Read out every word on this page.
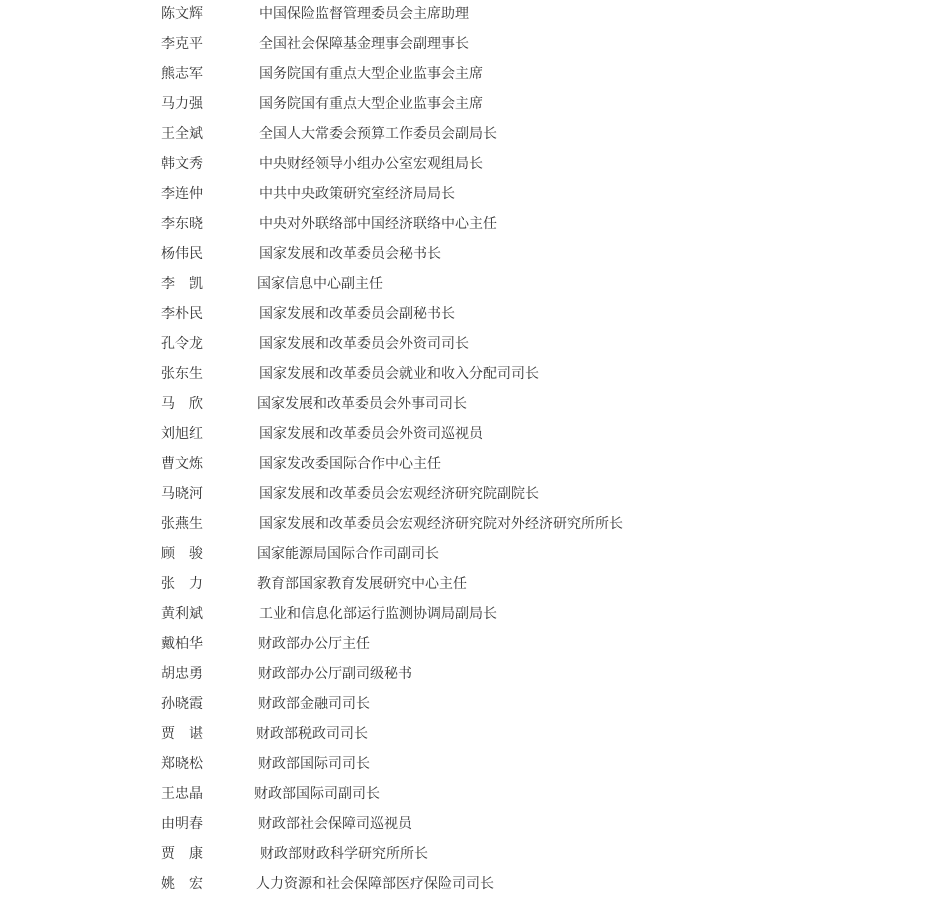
陈文辉	中国保险监督管理委员会主席助理
李克平	全国社会保障基金理事会副理事长
熊志军	国务院国有重点大型企业监事会主席
马力强	国务院国有重点大型企业监事会主席
王全斌	全国人大常委会预算工作委员会副局长
韩文秀	中央财经领导小组办公室宏观组局长
李连仲	中共中央政策研究室经济局局长
李东晓	中央对外联络部中国经济联络中心主任
杨伟民	国家发展和改革委员会秘书长
李　凯	国家信息中心副主任
李朴民	国家发展和改革委员会副秘书长
孔令龙	国家发展和改革委员会外资司司长
张东生	国家发展和改革委员会就业和收入分配司司长
马　欣	国家发展和改革委员会外事司司长
刘旭红	国家发展和改革委员会外资司巡视员
曹文炼	国家发改委国际合作中心主任
马晓河	国家发展和改革委员会宏观经济研究院副院长
张燕生	国家发展和改革委员会宏观经济研究院对外经济研究所所长
顾　骏	国家能源局国际合作司副司长
张　力	教育部国家教育发展研究中心主任
黄利斌	工业和信息化部运行监测协调局副局长
戴柏华	财政部办公厅主任
胡忠勇	财政部办公厅副司级秘书
孙晓霞	财政部金融司司长
贾　谌	财政部税政司司长
郑晓松	财政部国际司司长
王忠晶	财政部国际司副司长
由明春	财政部社会保障司巡视员
贾　康	财政部财政科学研究所所长
姚　宏	人力资源和社会保障部医疗保险司司长
